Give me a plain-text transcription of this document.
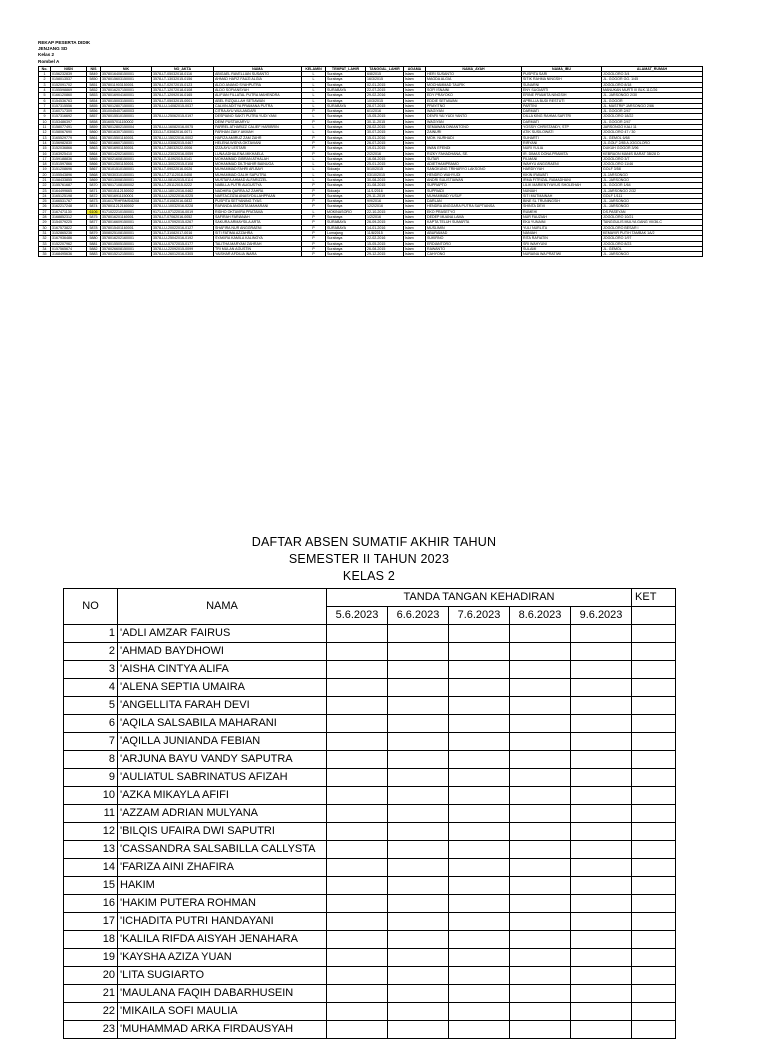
REKAP PESERTA DIDIK
JENJANG SD
Kelas 2
Rombel A
No.	NISN	NIS	NIK	NO_AKTA	NAMA	KELAMIN	TEMPAT_LAHIR	TANGGAL_LAHIR	AGAMA	NAMA_AYAH	NAMA_IBU	ALAMAT_RUMAH
1	0156232839	5849	3578016408150001	3578-LT-05032018-0116	ABIGAEL RAVELLIAN SUSANTO	L	Surabaya	6/8/2015	Islam	HERI SUSANTO	PUSPITA SARI	JOGOLORO 3/4
2	0158013537	5850	3578015603150001	3578-LT-13032015-0156	AHMAD HAFIZ FAUZI ALGIA	L	Surabaya	16/3/2015	Islam	MAGDA ALGIA	SITIK RAHMA NINGSIH	JL. GOGOR GG. 1/45
3	0152091702	5851	3578011903150001	3578-LT-02072015-0123	ALDO ANANO SYAHPUTRA	L	Surabaya	02-01-2015	Islam	MOCHAMMAD TAUFIK	SUNARNI	JOGOLORO 8/18
4	0155598869	5852	3578016207150001	3578-LT-12072018-0108	ALDO SOFIANSYAH	L	SURABAYA	22-07-2015	Islam	SOFI ISNAINI	ENY SUGIARTI	MANUKAN MURTI III BLK.11C/26
5	0166120860	5853	3578016904160001	3578-LT-12092016-0165	ALIFIAN FILLATAL PUTRA MAHENDRA	L	Surabaya	29-02-2016	Islam	EDY PRAYOKO	ERINE PRAMITA NINGSIH	JL. JARSONGO 2/30
6	0154536763	5854	3578015003150001	3578-LT-05032015-0001	ABEL RIZQULLAH SETIAWAN	L	Surabaya	10/3/2015	Islam	EDDIE SETIAWAN	APRILLIA BUDI RESTUTI	JL. GOGOR
7	0157315556	5855	3578012807150001	3578-LU-14082015-0037	CALVIN ADITYA PRAMANA PUTRA	L	SURABAYA	28-07-2015	Islam	PRAYITNO	PARTINI	JL. MASTRIP JARSONGO 2/86
8	3160717309	5856	3510045407160003		CITRA AYU WULANDARI	P	Surabaya	6/1/2016	Islam	WAGIYAN	DARMATI	JL. GOGOR 2/47
9	0157316692	5857	3578015510150001	3578-LU-25062015-0197	DESPIANO SAKTI PUTRA YUDI YANI	L	Surabaya	15-05-2015	Islam	DEVRI YAI YUDI YANTO	DILLA KING RAHMA SAFITRI	JOGOLORO 18/22
10	0153486397	5858	3516057011150002		DEWI PUSTAKARYU	P	Surabaya	30-11-2015	Islam	WAGIYAN	DARMATI	JL. GOGOR 2/47
11	0158077491	5859	3578012802150004	3578-LU-16082016-0075	FARREL ATHARIZZ CALIEF HARIBRIN	L	Surabaya	28-02-2015	Islam	SEMAWAN DWIANTONO	YOSSIY CHRISTANDY, STP	JARSONGO KALI 11
12	0158067690	5860	3578016307150001	3313-LT-03082016-0071	FARHAN ZAKY AKMAH	L	Surabaya	30-07-2015	Islam	ZAINURI	ATIK SUSILOWATI	JOGOLORO 47 / 30
13	3165529779	5861	3578015501160001	3578-LU-15022016-0002	HAFIZA AMIRUZ ZAM ZAHR	P	Surabaya	15-01-2016	Islam	MOH. NURHADI	SUHARTI	JL. GEMOL 6/68
14	3156982830	5862	3578016607150001	3578-LU-03082015-0467	HELENA WIDYA OKTAVIANI	P	Surabaya	26-07-2015	Islam		RIRYANI	JL.GOLF 2/85 A JOGOLORO
15	3152036866	5863	3578016901150001	3578-LT-28032022-0006	IZZA AYU LESTARI	P	Surabaya	19-01-2015	Islam	IWAN EFENDI	NURI YULIA	DUKUH GOGOR 3/96
16	3163925410	5864	3578014202160001	3578-LU-23032016-0059	LUNA ADHALENA MIKHAELA	P	Surabaya	2/2/2016	Islam	RIZKY FAHADHANA, SE.	IR. DIMAS DONA PRAMITA	KEBRAON MANIS BARAT 3B/28 D
17	3159188836	5865	3578021608150001	3578-LT-11092015-0141	MOHAMMAD GIBRAN ATHALAH	L	Surabaya	16-08-2015	Islam	SUTAR	FILMANI	JOGOLORO 3/7
18	0151597866	5866	3578012501150001	3578-LU-30022015-0108	MOHAMMAD DILTHAHIR BAINUGA	L	Surabaya	25-01-2015	Islam	ADIETHAMPRAMO	WAHYU ANGGRAENI	JOGOLORO 11/46
19	3151208696	5867	3578101510150001	3578-LT-09022016-0026	MUHAMMAD FAHRI AR-BAYI	L	Sidoarjo	5/10/2015	Islam	SANGKUNG TRIHARYO LAKSONO	HARDIYYAH	GOLF 3/58
20	3155543896	5868	3578030310150001	3578-LT-27112018-0408	MUHAMMAD GALIH SAPUTRA	L	Surabaya	03/10/2015	Islam	HENDRO WAHYUDI	KIKIN IRAWATI	JL JARSONGO
21	0158433855	5869	3578013008150001	3578-LU-08102015-0114	MUSTAFA AHMAD ALFARIZZEL	L	Surabaya	30-08-2015	Islam	ANDRI SULISTIAWAN	IRMA FITRIZAL RAMADHANI	JL. JARSONGO
22	3155761687	5870	3578017108150002	3578-LT-25112015-0222	NABILLA PUTRI AUGUSTYA	P	Surabaya	31-08-2015	Islam	SUPRAPTO	LILIK MARIENTYAYUS SHOLEHAH	JL. GOGOR 1/64
23	0164499665	5871	3578015112150002	3578-LU-18012016-0462	NADHIRA QURRA AZ ZAHRA	P	Sidoarjo	11/1/2016	Islam	SUPRIADI	NUNIAH	JL.JARSONGO 2/32
24	3165125198	5872	3578016911150001	3578-LU-12022016-0225	NARTACZIZIA ANASYDILLAHPFAAN	P	Surabaya	29-11-2019	Islam	MUHAMMAD YUSUF	SITI MUTMAINAH	GOLF 1/111
25	3166531767	5873	3516/17RHFBMS/8208	3578-LT-01082016-0832	PUSPITA SETYANING TYAS	P	Surabaya	9/9/2016	Islam	DARLAN	BINE SL TRUNINGSIH	JL. JARSONGO
26	3162217248	5874	3578011212160002	3578-LU-10032016-0228	RAFANDA ANGGITA MAHARANI	P	Surabaya	12/2/2016	Islam	HENDRA ANGGARA PUTRA SAPTIANSA	SHINTA DEVI	JL. JARSONGO
27	3167471130	6106	9171022210150001	9171-LU-07122016-0019	RIDHO OKTAVIRA PRATAMA	L	MOKINASORO	22-10-2015	Islam	EKO PRASETYO	RUMEHI	DS.PASEYAN
28	3168852312	5875	3578016201160001	3578-LT-07062016-0052	SAFIRAH FARIANAH	P	Surabaya	1/2/2016	Islam	DEDEP MUANA LAMA	NUR FAUZIAH	JOGOLORO 10/21
29	3154079225	5877	3578016609150001	3578-LU-07092015-0267	SAKURA ARMAYSILA ARTA	P	SURABAYA	26-09-2015	Islam	KAPTA TELUH SUMARTA	EKA YUNAINI	TANGGULIS MULYA GANG VII/36-C
30	3167573822	5878	3578015401160001	3578-LU-20022016-0127	SHAFIRA NUR ANGGRAENI	P	SURABAYA	14-01-2016	Islam	MUSLIMIN	YULI NURLITA	JOGOLORO BESAR I
31	3152865236	5879	3508025108150001	3578-LT-31082017-0016	SITI FATIMA AZZAHRA	P	Lumajang	11/8/2015	Islam	ABURAMAD	NANIAH	KEMAYIR PUTIH TAMBAK 1A/2
32	3167936486	5880	3578016202160001	3578-LU-25042016-0192	SYAKIRA KAMILA KALINGYA	P	Surabaya	22-02-2016	Islam	SUKIRNO	RITA RAFIATIN	JOGOLORO 1/97
33	0152207962	5881	3578015505150001	3578-LU-07072015-0177	TALITHA MARYAM ZAHRAH	P	Surabaya	15-05-2015	Islam	ERDIANTORO	SRI WAHYUNI	JOGOLORO 8/23
34	0157565674	5882	3578026608150001	3578-LU-22092015-0099	TRI MULAN AGUSTIN	P	Surabaya	26-08-2015	Islam	RAWANTO	SULAMI	JL. GEMOL
35	3168495636	5883	3578015212150001	3578-LU-26012016-0305	YAISHAR AFDILIA INARA	P	Surabaya	29-12-2015	Islam	CAHYONO	NURAINA WA PRATIWI	JL. JARSONGO
DAFTAR ABSEN SUMATIF AKHIR TAHUN
SEMESTER II TAHUN 2023
KELAS 2
NO	NAMA	TANDA TANGAN KEHADIRAN					KET
		5.6.2023	6.6.2023	7.6.2023	8.6.2023	9.6.2023	
1	'ADLI AMZAR FAIRUS						
2	'AHMAD BAYDHOWI						
3	'AISHA CINTYA ALIFA						
4	'ALENA SEPTIA UMAIRA						
5	'ANGELLITA FARAH DEVI						
6	'AQILA SALSABILA MAHARANI						
7	'AQILLA JUNIANDA FEBIAN						
8	'ARJUNA BAYU VANDY SAPUTRA						
9	'AULIATUL SABRINATUS AFIZAH						
10	'AZKA MIKAYLA AFIFI						
11	'AZZAM ADRIAN MULYANA						
12	'BILQIS UFAIRA DWI SAPUTRI						
13	'CASSANDRA SALSABILLA CALLYSTA						
14	'FARIZA AINI ZHAFIRA						
15	HAKIM						
16	'HAKIM PUTERA ROHMAN						
17	'ICHADITA PUTRI HANDAYANI						
18	'KALILA RIFDA AISYAH JENAHARA						
19	'KAYSHA AZIZA YUAN						
20	'LITA SUGIARTO						
21	'MAULANA FAQIH DABARHUSEIN						
22	'MIKAILA SOFI MAULIA						
23	'MUHAMMAD ARKA FIRDAUSYAH						
